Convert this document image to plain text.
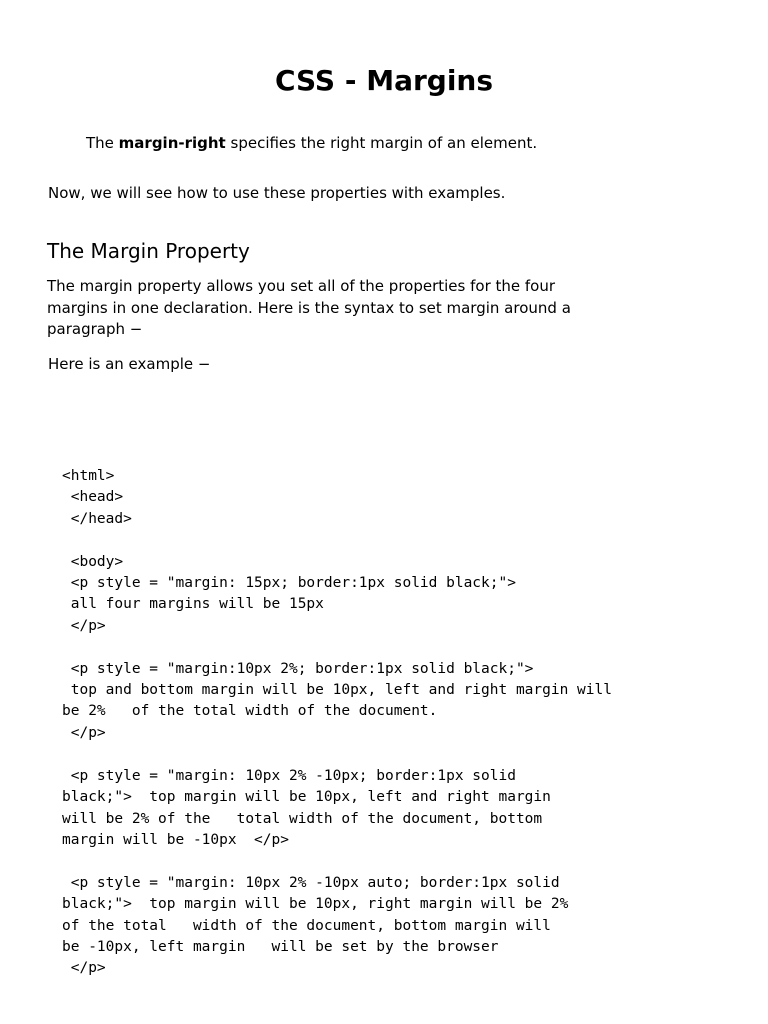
CSS - Margins

The margin-right specifies the right margin of an element.

Now, we will see how to use these properties with examples.

The Margin Property

The margin property allows you set all of the properties for the four margins in one declaration. Here is the syntax to set margin around a paragraph −

Here is an example −

<html>
<head>
</head>

<body>
<p style = "margin: 15px; border:1px solid black;">
all four margins will be 15px
</p>

<p style = "margin:10px 2%; border:1px solid black;">
top and bottom margin will be 10px, left and right margin will
be 2%   of the total width of the document.
</p>

<p style = "margin: 10px 2% -10px; border:1px solid
black;">  top margin will be 10px, left and right margin
will be 2% of the   total width of the document, bottom
margin will be -10px  </p>

<p style = "margin: 10px 2% -10px auto; border:1px solid
black;">  top margin will be 10px, right margin will be 2%
of the total   width of the document, bottom margin will
be -10px, left margin   will be set by the browser
</p>
